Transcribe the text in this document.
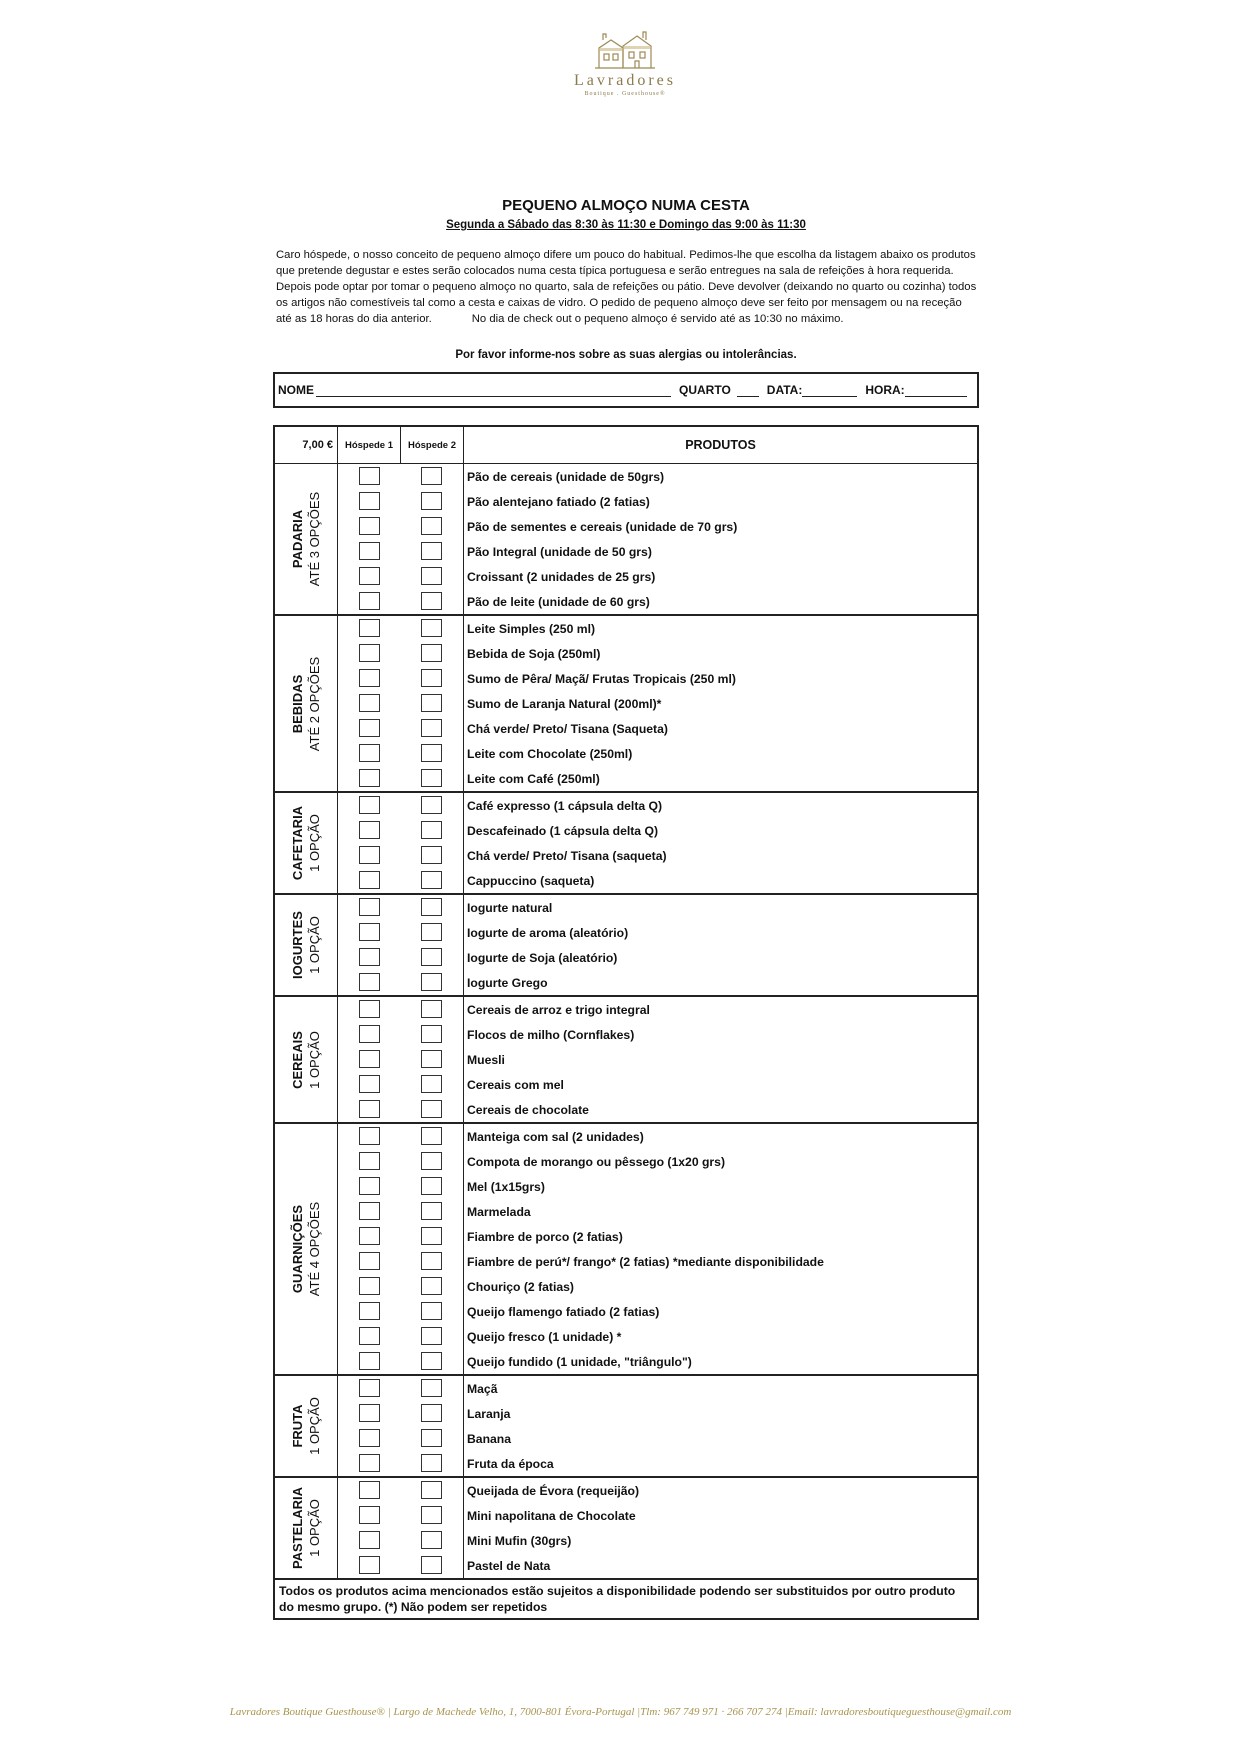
Lavradores
Boutique . Guesthouse®
PEQUENO ALMOÇO NUMA CESTA
Segunda a Sábado das 8:30 às 11:30 e Domingo das 9:00 às 11:30
Caro hóspede, o nosso conceito de pequeno almoço difere um pouco do habitual. Pedimos-lhe que escolha da listagem abaixo os produtos que pretende degustar e estes serão colocados numa cesta típica portuguesa e serão entregues na sala de refeições à hora requerida. Depois pode optar por tomar o pequeno almoço no quarto, sala de refeições ou pátio. Deve devolver (deixando no quarto ou cozinha) todos os artigos não comestíveis tal como a cesta e caixas de vidro. O pedido de pequeno almoço deve ser feito por mensagem ou na receção até as 18 horas do dia anterior.	No dia de check out o pequeno almoço é servido até as 10:30 no máximo.
Por favor informe-nos sobre as suas alergias ou intolerâncias.
NOME	QUARTO	DATA:	HORA:
7,00 €	Hóspede 1	Hóspede 2	PRODUTOS

PADARIA ATÉ 3 OPÇÕES			Pão de cereais (unidade de 50grs)
			Pão alentejano fatiado (2 fatias)
			Pão de sementes e cereais (unidade de 70 grs)
			Pão Integral (unidade de 50 grs)
			Croissant (2 unidades de 25 grs)
			Pão de leite (unidade de 60 grs)

BEBIDAS ATÉ 2 OPÇÕES			Leite Simples (250 ml)
			Bebida de Soja (250ml)
			Sumo de Pêra/ Maçã/ Frutas Tropicais (250 ml)
			Sumo de Laranja Natural (200ml)*
			Chá verde/ Preto/ Tisana (Saqueta)
			Leite com Chocolate (250ml)
			Leite com Café (250ml)

CAFETARIA 1 OPÇÃO			Café expresso (1 cápsula delta Q)
			Descafeinado (1 cápsula delta Q)
			Chá verde/ Preto/ Tisana (saqueta)
			Cappuccino (saqueta)

IOGURTES 1 OPÇÃO			Iogurte natural
			Iogurte de aroma (aleatório)
			Iogurte de Soja (aleatório)
			Iogurte Grego

CEREAIS 1 OPÇÃO			Cereais de arroz e trigo integral
			Flocos de milho (Cornflakes)
			Muesli
			Cereais com mel
			Cereais de chocolate

GUARNIÇÕES ATÉ 4 OPÇÕES			Manteiga com sal (2 unidades)
			Compota de morango ou pêssego (1x20 grs)
			Mel (1x15grs)
			Marmelada
			Fiambre de porco (2 fatias)
			Fiambre de perú*/ frango* (2 fatias) *mediante disponibilidade
			Chouriço (2 fatias)
			Queijo flamengo fatiado (2 fatias)
			Queijo fresco (1 unidade) *
			Queijo fundido (1 unidade, "triângulo")

FRUTA 1 OPÇÃO			Maçã
			Laranja
			Banana
			Fruta da época

PASTELARIA 1 OPÇÃO			Queijada de Évora (requeijão)
			Mini napolitana de Chocolate
			Mini Mufin (30grs)
			Pastel de Nata
Todos os produtos acima mencionados estão sujeitos a disponibilidade podendo ser substituidos por outro produto do mesmo grupo. (*) Não podem ser repetidos
Lavradores Boutique Guesthouse® | Largo de Machede Velho, 1, 7000-801 Évora-Portugal |Tlm: 967 749 971 · 266 707 274 |Email: lavradoresboutiqueguesthouse@gmail.com
